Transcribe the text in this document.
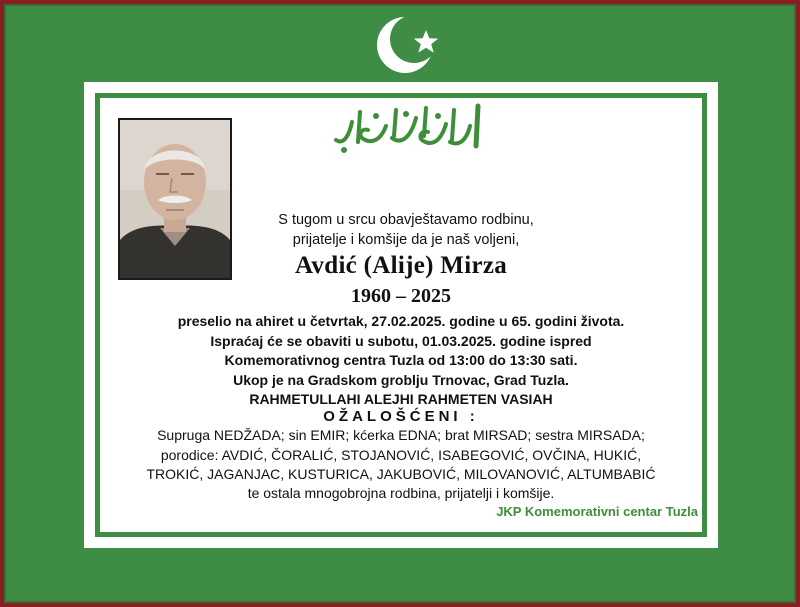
S tugom u srcu obavještavamo rodbinu,
prijatelje i komšije da je naš voljeni,
Avdić (Alije) Mirza
1960 – 2025
preselio na ahiret u četvrtak, 27.02.2025. godine u 65. godini života.
Ispraćaj će se obaviti u subotu, 01.03.2025. godine ispred
Komemorativnog centra Tuzla od 13:00 do 13:30 sati.
Ukop je na Gradskom groblju Trnovac, Grad Tuzla.
RAHMETULLAHI ALEJHI RAHMETEN VASIAH
OŽALOŠĆENI :
Supruga NEDŽADA; sin EMIR; kćerka EDNA; brat MIRSAD; sestra MIRSADA;
porodice: AVDIĆ, ČORALIĆ, STOJANOVIĆ, ISABEGOVIĆ, OVČINA, HUKIĆ,
TROKIĆ, JAGANJAC, KUSTURICA, JAKUBOVIĆ, MILOVANOVIĆ, ALTUMBABIĆ
te ostala mnogobrojna rodbina, prijatelji i komšije.
JKP Komemorativni centar Tuzla
